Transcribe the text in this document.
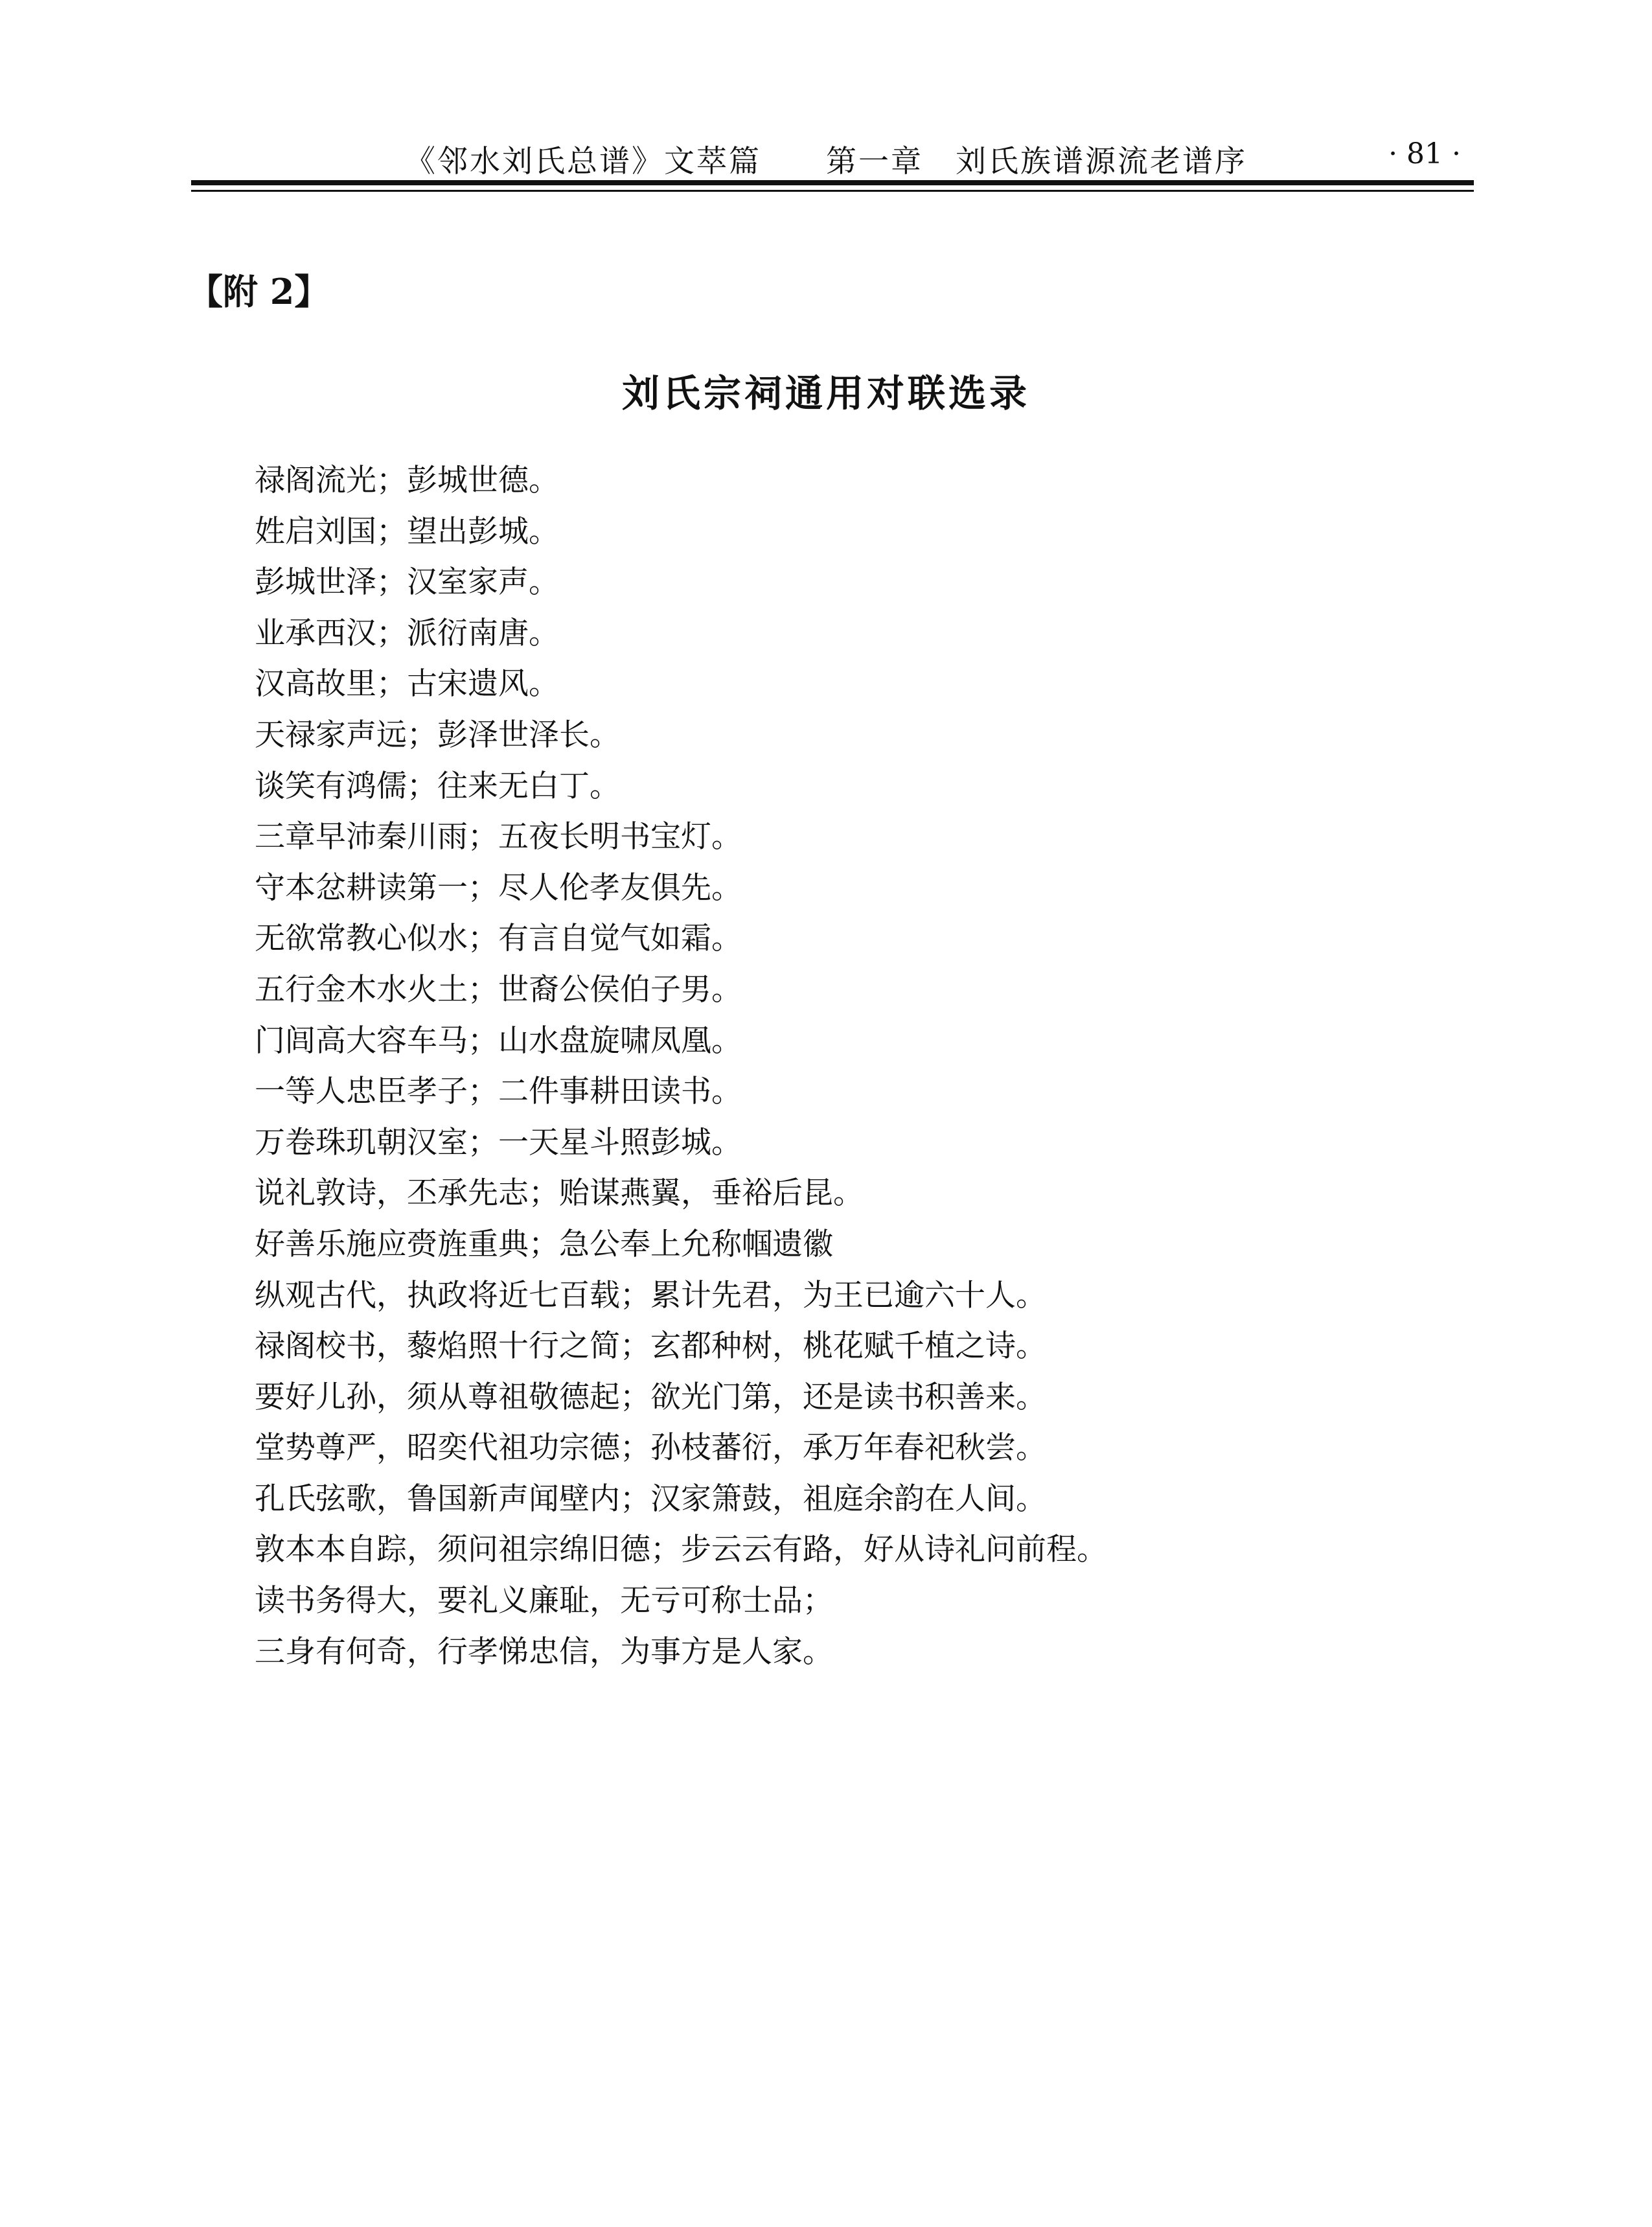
《邻水刘氏总谱》文萃篇 第一章　刘氏族谱源流老谱序	· 81 ·
【附 2】
刘氏宗祠通用对联选录
禄阁流光；彭城世德。
姓启刘国；望出彭城。
彭城世泽；汉室家声。
业承西汉；派衍南唐。
汉高故里；古宋遗风。
天禄家声远；彭泽世泽长。
谈笑有鸿儒；往来无白丁。
三章早沛秦川雨；五夜长明书宝灯。
守本忿耕读第一；尽人伦孝友俱先。
无欲常教心似水；有言自觉气如霜。
五行金木水火土；世裔公侯伯子男。
门闾高大容车马；山水盘旋啸凤凰。
一等人忠臣孝子；二件事耕田读书。
万卷珠玑朝汉室；一天星斗照彭城。
说礼敦诗，丕承先志；贻谋燕翼，垂裕后昆。
好善乐施应赍旌重典；急公奉上允称帼遗徽
纵观古代，执政将近七百载；累计先君，为王已逾六十人。
禄阁校书，藜焰照十行之简；玄都种树，桃花赋千植之诗。
要好儿孙，须从尊祖敬德起；欲光门第，还是读书积善来。
堂势尊严，昭奕代祖功宗德；孙枝蕃衍，承万年春祀秋尝。
孔氏弦歌，鲁国新声闻壁内；汉家箫鼓，祖庭余韵在人间。
敦本本自踪，须问祖宗绵旧德；步云云有路，好从诗礼问前程。
读书务得大，要礼义廉耻，无亏可称士品；
三身有何奇，行孝悌忠信，为事方是人家。
